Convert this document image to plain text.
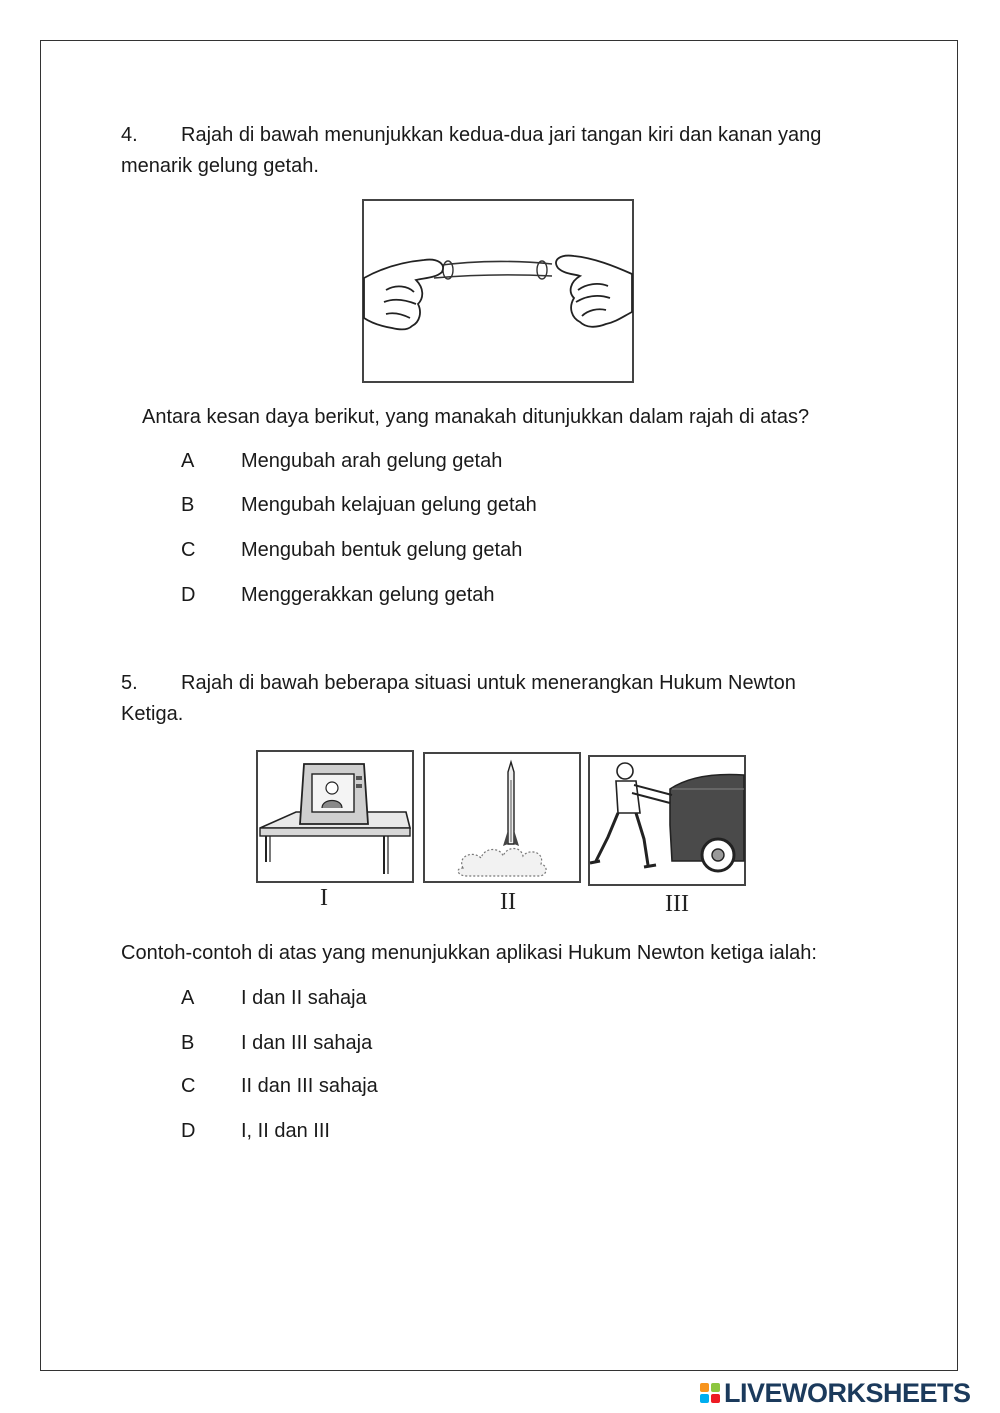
4. Rajah di bawah menunjukkan kedua-dua jari tangan kiri dan kanan yang
menarik gelung getah.
Antara kesan daya berikut, yang manakah ditunjukkan dalam rajah di atas?
A Mengubah arah gelung getah
B Mengubah kelajuan gelung getah
C Mengubah bentuk gelung getah
D Menggerakkan gelung getah
5. Rajah di bawah beberapa situasi untuk menerangkan Hukum Newton
Ketiga.
I	II	III
Contoh-contoh di atas yang menunjukkan aplikasi Hukum Newton ketiga ialah:
A I dan II sahaja
B I dan III sahaja
C II dan III sahaja
D I, II dan III
LIVEWORKSHEETS
